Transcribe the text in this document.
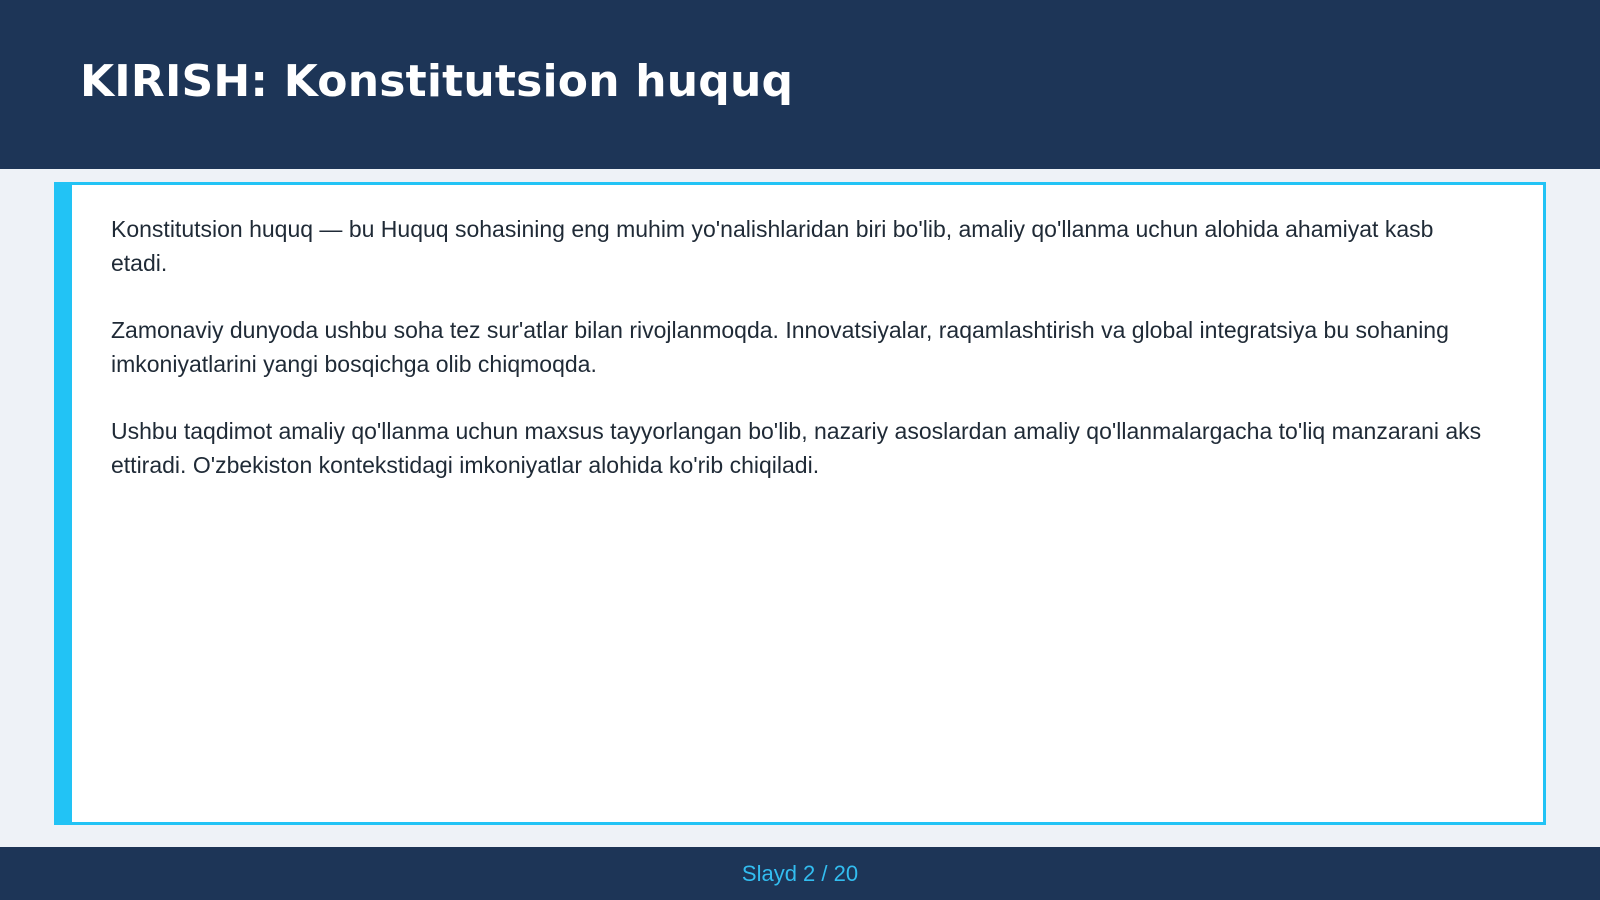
KIRISH: Konstitutsion huquq

Konstitutsion huquq — bu Huquq sohasining eng muhim yo'nalishlaridan biri bo'lib, amaliy qo'llanma uchun alohida ahamiyat kasb etadi.

Zamonaviy dunyoda ushbu soha tez sur'atlar bilan rivojlanmoqda. Innovatsiyalar, raqamlashtirish va global integratsiya bu sohaning imkoniyatlarini yangi bosqichga olib chiqmoqda.

Ushbu taqdimot amaliy qo'llanma uchun maxsus tayyorlangan bo'lib, nazariy asoslardan amaliy qo'llanmalargacha to'liq manzarani aks ettiradi. O'zbekiston kontekstidagi imkoniyatlar alohida ko'rib chiqiladi.

Slayd 2 / 20
